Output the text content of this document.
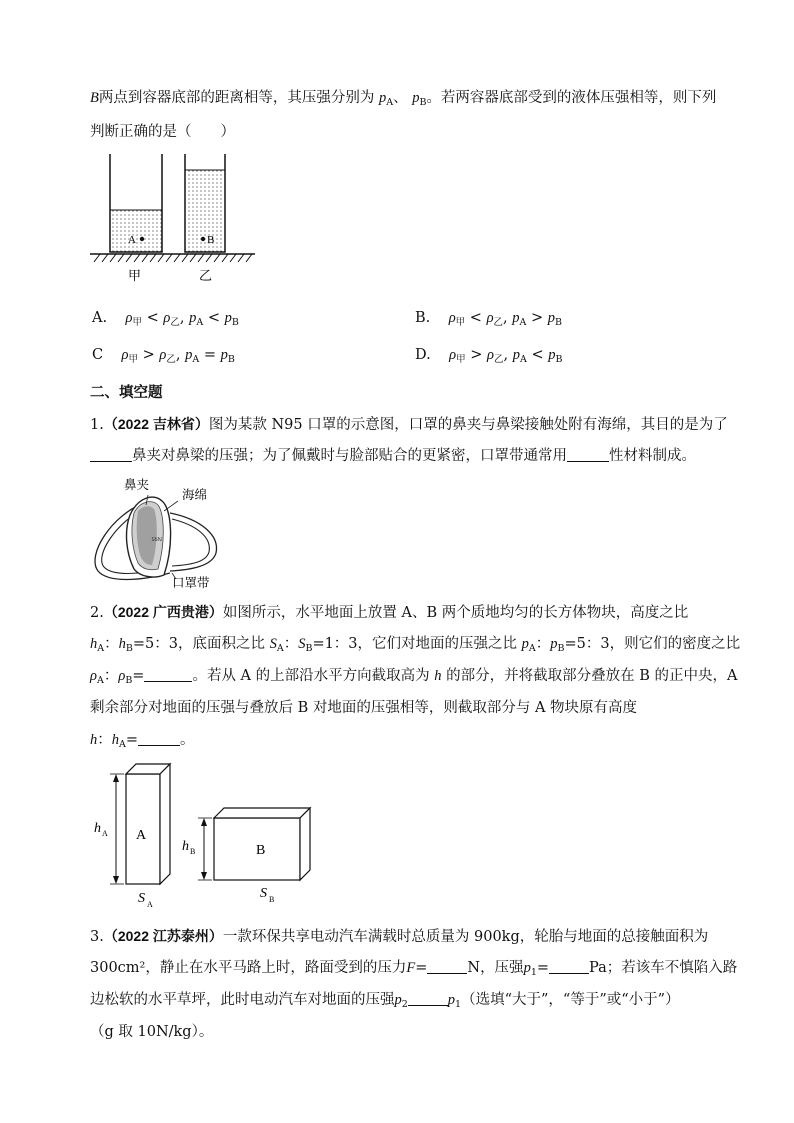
B两点到容器底部的距离相等，其压强分别为 $p_A$、 $p_B$。若两容器底部受到的液体压强相等，则下列
判断正确的是（　　）
A	B
甲	乙
A. $\rho_甲 < \rho_乙$, $p_A < p_B$	B. $\rho_甲 < \rho_乙$, $p_A > p_B$
C $\rho_甲 > \rho_乙$, $p_A = p_B$	D. $\rho_甲 > \rho_乙$, $p_A < p_B$
二、填空题
1.（2022 吉林省）图为某款 N95 口罩的示意图，口罩的鼻夹与鼻梁接触处附有海绵，其目的是为了
鼻夹对鼻梁的压强；为了佩戴时与脸部贴合的更紧密，口罩带通常用	性材料制成。
N95
鼻夹
海绵
口罩带
2.（2022 广西贵港）如图所示，水平地面上放置 A、B 两个质地均匀的长方体物块，高度之比
$h_A$：$h_B=5$：3，底面积之比 $S_A$：$S_B=1$：3，它们对地面的压强之比 $p_A$：$p_B=5$：3，则它们的密度之比
$\rho_A$：$\rho_B=$	。若从 A 的上部沿水平方向截取高为 h 的部分，并将截取部分叠放在 B 的正中央，A
剩余部分对地面的压强与叠放后 B 对地面的压强相等，则截取部分与 A 物块原有高度
h：$h_A=$	。
A
h A
S A
B
h B
S B
3.（2022 江苏泰州）一款环保共享电动汽车满载时总质量为 900kg，轮胎与地面的总接触面积为
300cm²，静止在水平马路上时，路面受到的压力F=	N，压强$p_1=$	Pa；若该车不慎陷入路
边松软的水平草坪，此时电动汽车对地面的压强$p_2$	$p_1$（选填“大于”，“等于”或“小于”）
（g 取 10N/kg）。
